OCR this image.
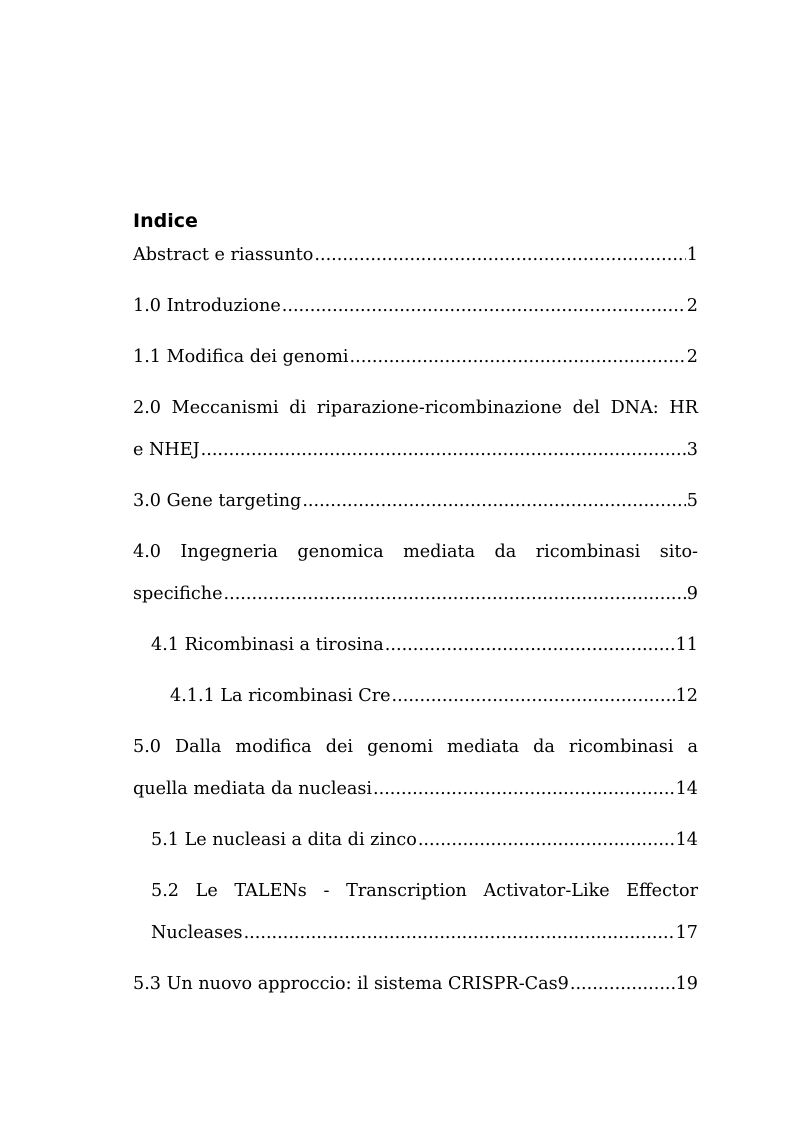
Indice
Abstract e riassunto .....	1
1.0 Introduzione .....	2
1.1 Modifica dei genomi .....	2
2.0 Meccanismi di riparazione-ricombinazione del DNA: HR
e NHEJ .....	3
3.0 Gene targeting .....	5
4.0 Ingegneria genomica mediata da ricombinasi sito-
specifiche .....	9
4.1 Ricombinasi a tirosina .....	11
4.1.1 La ricombinasi Cre .....	12
5.0 Dalla modifica dei genomi mediata da ricombinasi a
quella mediata da nucleasi .....	14
5.1 Le nucleasi a dita di zinco .....	14
5.2 Le TALENs - Transcription Activator-Like Effector
Nucleases .....	17
5.3 Un nuovo approccio: il sistema CRISPR-Cas9 .....	19
